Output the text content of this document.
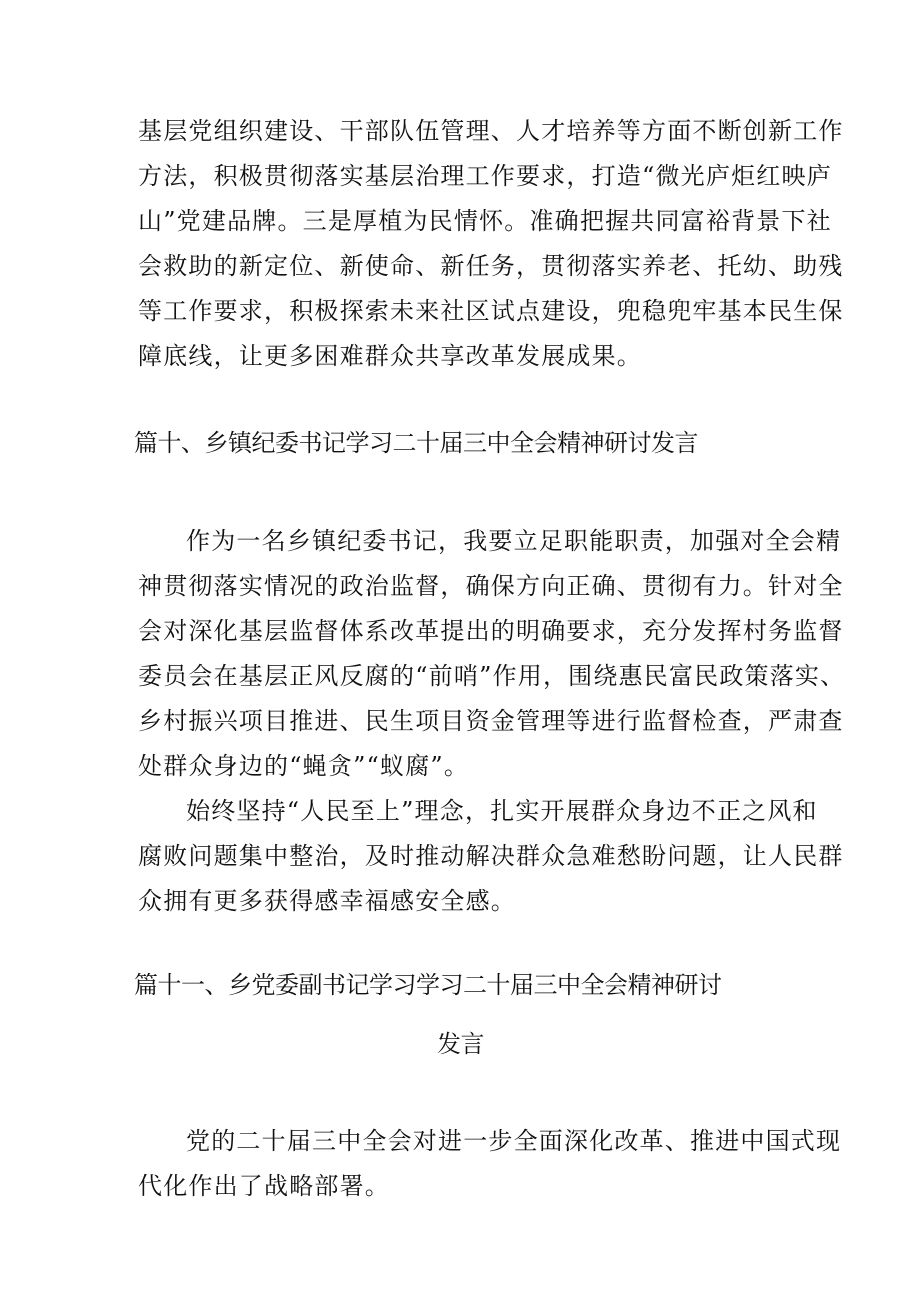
基层党组织建设、干部队伍管理、人才培养等方面不断创新工作
方法，积极贯彻落实基层治理工作要求，打造“微光庐炬红映庐
山”党建品牌。三是厚植为民情怀。准确把握共同富裕背景下社
会救助的新定位、新使命、新任务，贯彻落实养老、托幼、助残
等工作要求，积极探索未来社区试点建设，兜稳兜牢基本民生保
障底线，让更多困难群众共享改革发展成果。
篇十、乡镇纪委书记学习二十届三中全会精神研讨发言
作为一名乡镇纪委书记，我要立足职能职责，加强对全会精
神贯彻落实情况的政治监督，确保方向正确、贯彻有力。针对全
会对深化基层监督体系改革提出的明确要求，充分发挥村务监督
委员会在基层正风反腐的“前哨”作用，围绕惠民富民政策落实、
乡村振兴项目推进、民生项目资金管理等进行监督检查，严肃查
处群众身边的“蝇贪”“蚁腐”。
始终坚持“人民至上”理念，扎实开展群众身边不正之风和
腐败问题集中整治，及时推动解决群众急难愁盼问题，让人民群
众拥有更多获得感幸福感安全感。
篇十一、乡党委副书记学习学习二十届三中全会精神研讨
发言
党的二十届三中全会对进一步全面深化改革、推进中国式现
代化作出了战略部署。
